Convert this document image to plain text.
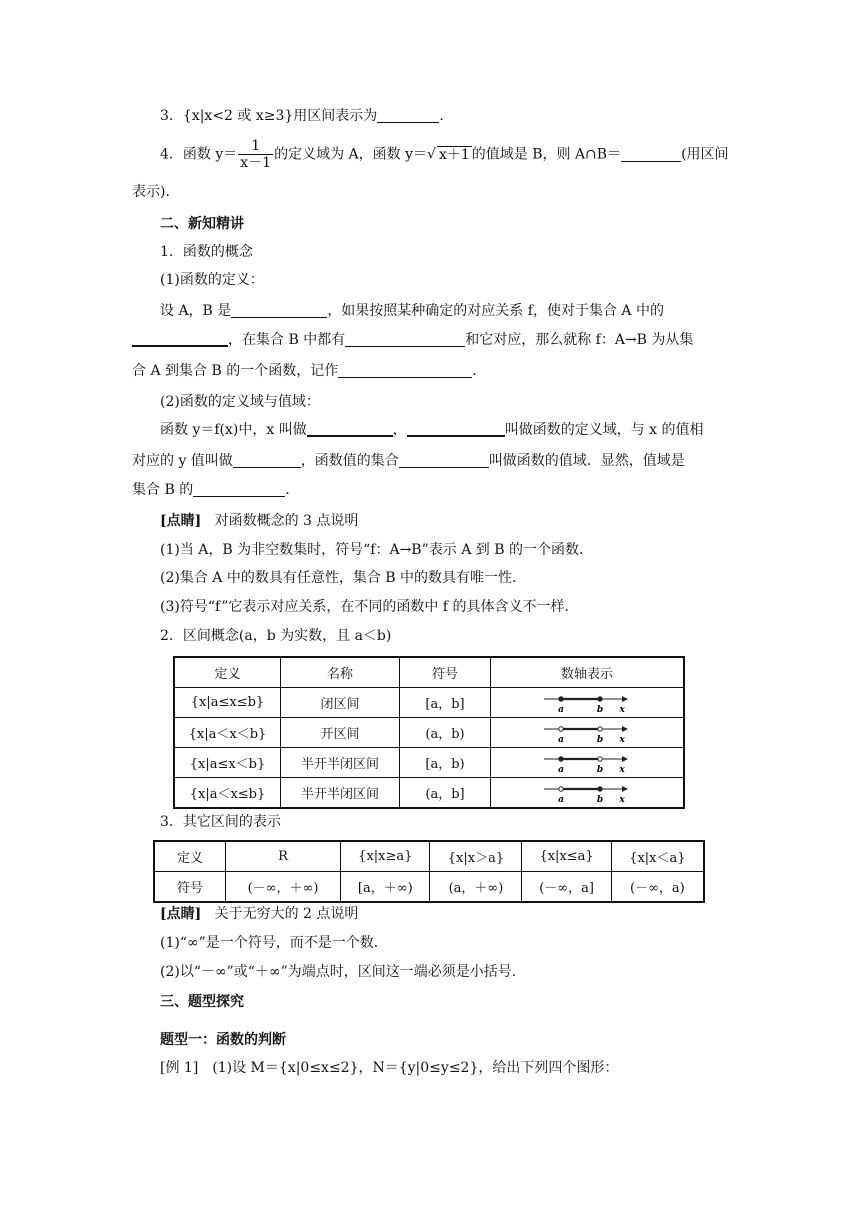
3．{x|x<2 或 x≥3}用区间表示为	.
4．函数 $y= \frac{1}{x-1}$ 的定义域为 A，函数 y＝√ x＋1 的值域是 B，则 A∩B＝	(用区间
表示).
二、新知精讲
1．函数的概念
(1)函数的定义：
设 A，B 是	，如果按照某种确定的对应关系 f，使对于集合 A 中的
，在集合 B 中都有	和它对应，那么就称 f：A→B 为从集
合 A 到集合 B 的一个函数，记作	.
(2)函数的定义域与值域：
函数 y＝f(x)中，x 叫做	，	叫做函数的定义域，与 x 的值相
对应的 y 值叫做	，函数值的集合	叫做函数的值域．显然，值域是
集合 B 的	.
[点睛] 对函数概念的 3 点说明
(1)当 A，B 为非空数集时，符号“f：A→B”表示 A 到 B 的一个函数．
(2)集合 A 中的数具有任意性，集合 B 中的数具有唯一性．
(3)符号“f”它表示对应关系，在不同的函数中 f 的具体含义不一样．
2．区间概念(a，b 为实数，且 a＜b)
定义	名称	符号	数轴表示
{x|a≤x≤b}	闭区间	[a，b]	a b x

{x|a＜x＜b}	开区间	(a，b)	a b x

{x|a≤x＜b}	半开半闭区间	[a，b)	a b x

{x|a＜x≤b}	半开半闭区间	(a，b]	a b x
3．其它区间的表示
定义	R	{x|x≥a}	{x|x＞a}	{x|x≤a}	{x|x＜a}
符号	(－∞，＋∞)	[a，＋∞)	(a，＋∞)	(－∞，a]	(－∞，a)
[点睛] 关于无穷大的 2 点说明
(1)“∞”是一个符号，而不是一个数．
(2)以“－∞”或“＋∞”为端点时，区间这一端必须是小括号．
三、题型探究
题型一：函数的判断
[例 1]　(1)设 M＝{x|0≤x≤2}，N＝{y|0≤y≤2}，给出下列四个图形：
